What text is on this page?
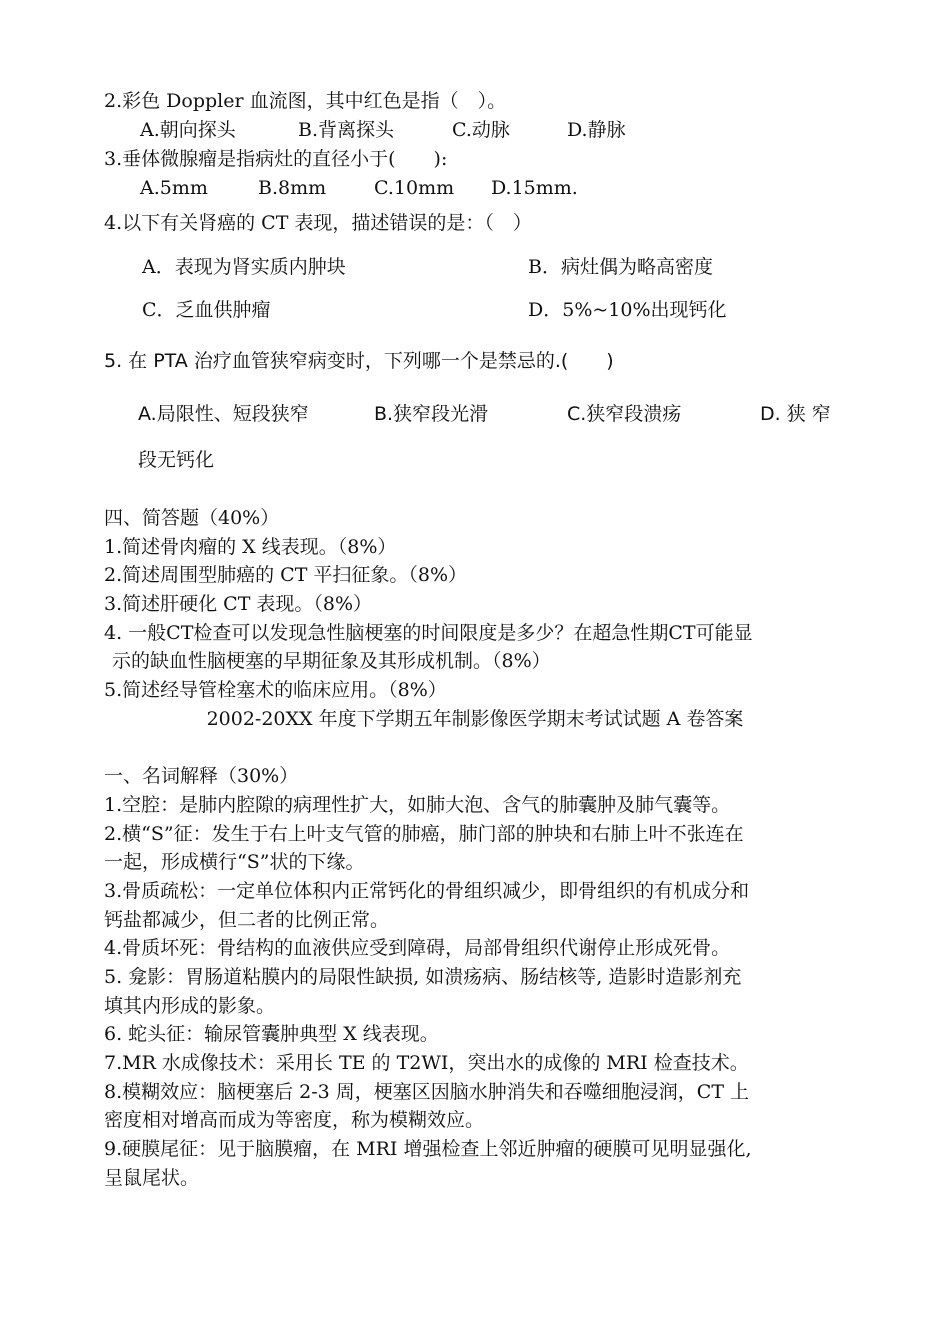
2.彩色 Doppler 血流图，其中红色是指（　）。
A.朝向探头	B.背离探头	C.动脉	D.静脉
3.垂体微腺瘤是指病灶的直径小于(　　):
A.5mm	B.8mm	C.10mm D.15mm.
4.以下有关肾癌的 CT 表现，描述错误的是：（　）
A．表现为肾实质内肿块	B．病灶偶为略高密度
C．乏血供肿瘤	D．5%~10%出现钙化
5. 在 PTA 治疗血管狭窄病变时，下列哪一个是禁忌的.(　　)
A.局限性、短段狭窄	B.狭窄段光滑	C.狭窄段溃疡	D. 狭 窄
段无钙化
四、简答题（40%）
1.简述骨肉瘤的 X 线表现。（8%）
2.简述周围型肺癌的 CT 平扫征象。（8%）
3.简述肝硬化 CT 表现。（8%）
4. 一般CT检查可以发现急性脑梗塞的时间限度是多少？在超急性期CT可能显
示的缺血性脑梗塞的早期征象及其形成机制。（8%）
5.简述经导管栓塞术的临床应用。（8%）
2002-20XX 年度下学期五年制影像医学期末考试试题 A 卷答案
一、名词解释（30%）
1.空腔：是肺内腔隙的病理性扩大，如肺大泡、含气的肺囊肿及肺气囊等。
2.横“S”征：发生于右上叶支气管的肺癌，肺门部的肿块和右肺上叶不张连在
一起，形成横行“S”状的下缘。
3.骨质疏松：一定单位体积内正常钙化的骨组织减少，即骨组织的有机成分和
钙盐都减少，但二者的比例正常。
4.骨质坏死：骨结构的血液供应受到障碍，局部骨组织代谢停止形成死骨。
5. 龛影：胃肠道粘膜内的局限性缺损, 如溃疡病、肠结核等, 造影时造影剂充
填其内形成的影象。
6. 蛇头征：输尿管囊肿典型 X 线表现。
7.MR 水成像技术：采用长 TE 的 T2WI，突出水的成像的 MRI 检查技术。
8.模糊效应：脑梗塞后 2-3 周，梗塞区因脑水肿消失和吞噬细胞浸润，CT 上
密度相对增高而成为等密度，称为模糊效应。
9.硬膜尾征：见于脑膜瘤，在 MRI 增强检查上邻近肿瘤的硬膜可见明显强化,
呈鼠尾状。
